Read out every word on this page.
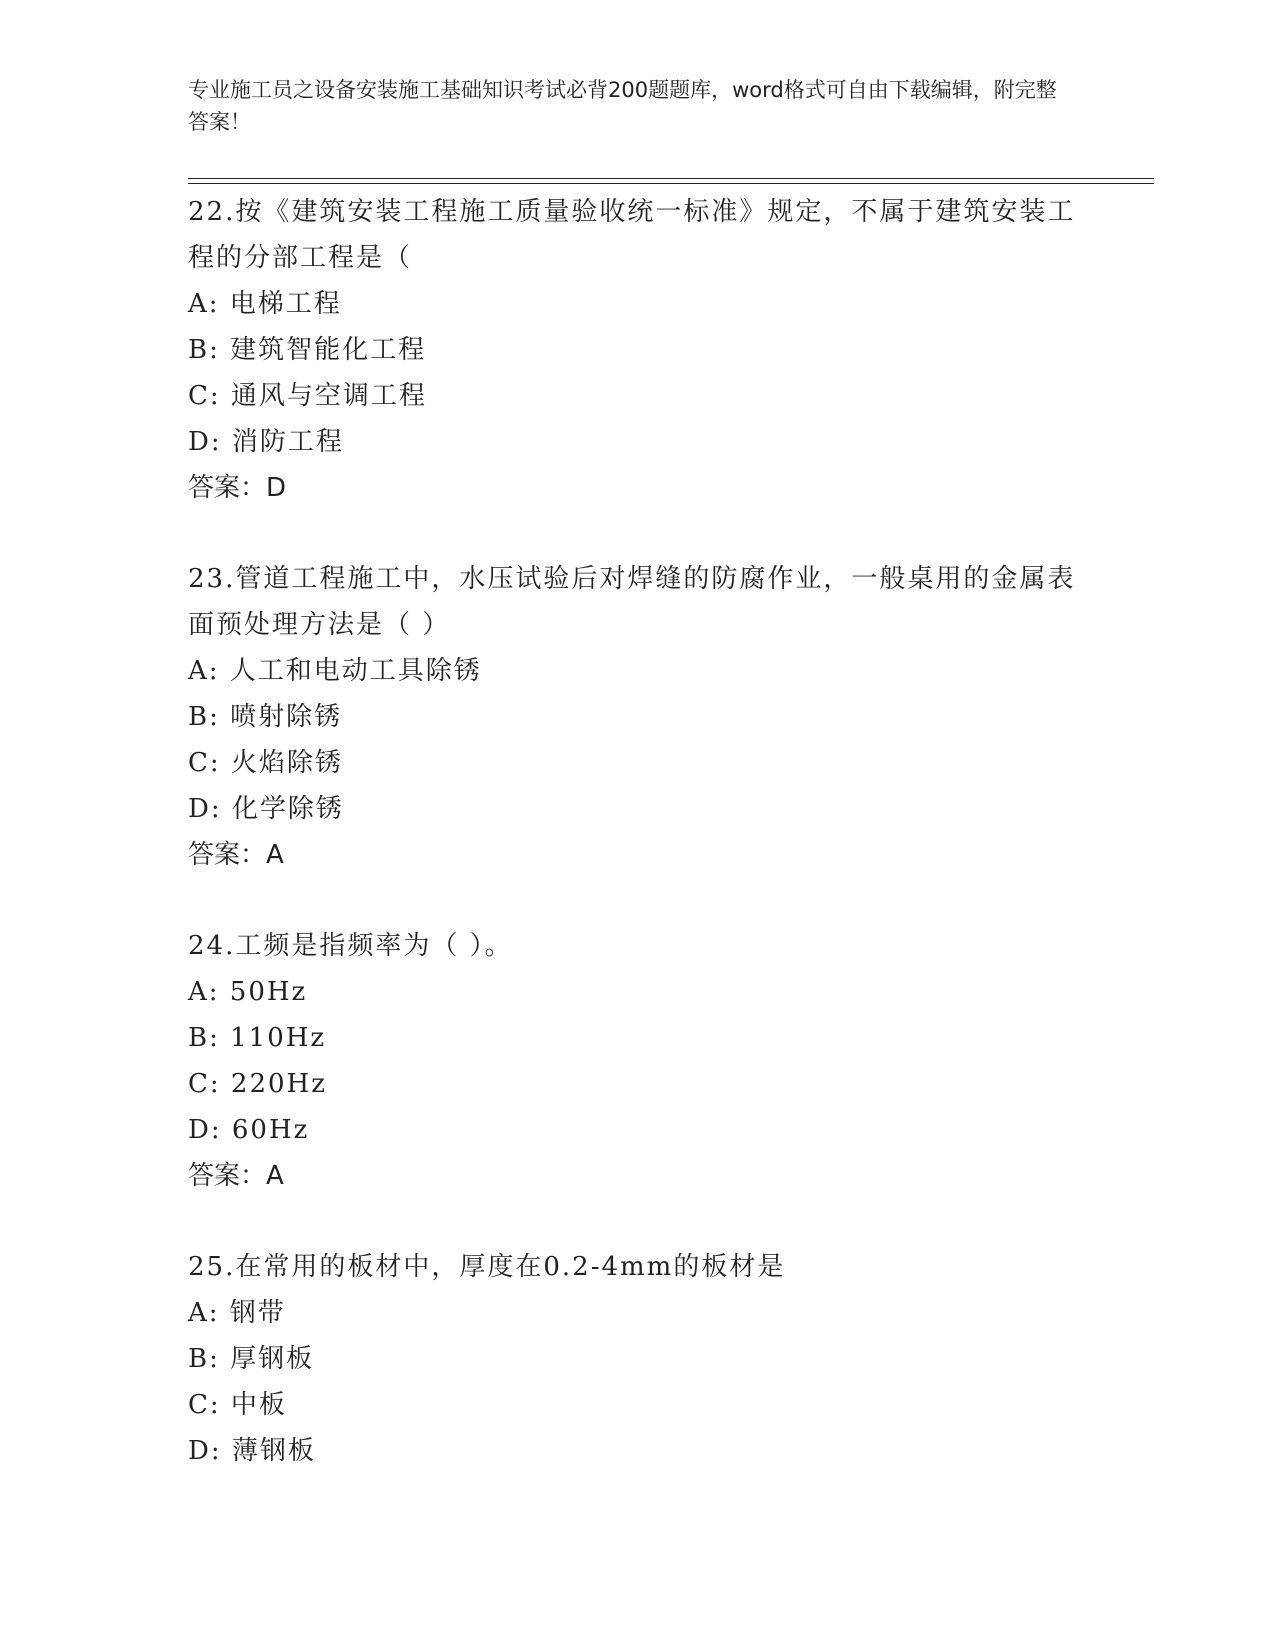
专业施工员之设备安装施工基础知识考试必背200题题库，word格式可自由下载编辑，附完整答案！
22.按《建筑安装工程施工质量验收统一标准》规定，不属于建筑安装工程的分部工程是（
A: 电梯工程
B: 建筑智能化工程
C: 通风与空调工程
D: 消防工程
答案：D
23.管道工程施工中，水压试验后对焊缝的防腐作业，一般桌用的金属表面预处理方法是（ ）
A: 人工和电动工具除锈
B: 喷射除锈
C: 火焰除锈
D: 化学除锈
答案：A
24.工频是指频率为（ ）。
A: 50Hz
B: 110Hz
C: 220Hz
D: 60Hz
答案：A
25.在常用的板材中，厚度在0.2-4mm的板材是
A: 钢带
B: 厚钢板
C: 中板
D: 薄钢板
